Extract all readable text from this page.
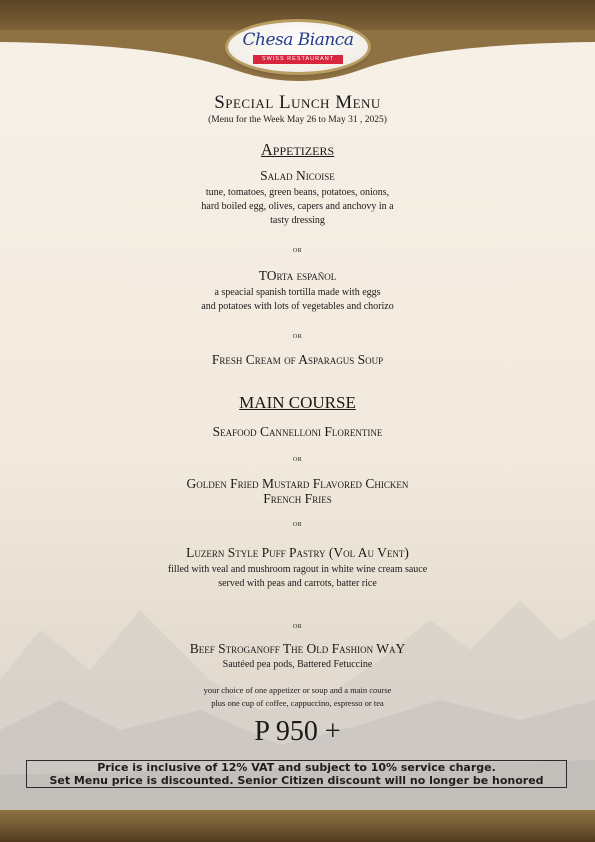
Chesa Bianca
SWISS RESTAURANT
Special Lunch Menu
(Menu for the Week May 26 to May 31 , 2025)
Appetizers
Salad Nicoise
tune, tomatoes, green beans, potatoes, onions,
hard boiled egg, olives, capers and anchovy in a
tasty dressing
OR
TOrta español
a speacial spanish tortilla made with eggs
and potatoes with lots of vegetables and chorizo
OR
Fresh Cream of Asparagus Soup
MAIN COURSE
Seafood Cannelloni Florentine
OR
Golden Fried Mustard Flavored Chicken
French Fries
OR
Luzern Style Puff Pastry (Vol Au Vent)
filled with veal and mushroom ragout in white wine cream sauce
served with peas and carrots, batter rice
OR
Beef Stroganoff The Old Fashion WaY
Sautéed pea pods, Battered Fetuccine
your choice of one appetizer or soup and a main course
plus one cup of coffee, cappuccino, espresso or tea
P 950 +
Price is inclusive of 12% VAT and subject to 10% service charge.
Set Menu price is discounted. Senior Citizen discount will no longer be honored
